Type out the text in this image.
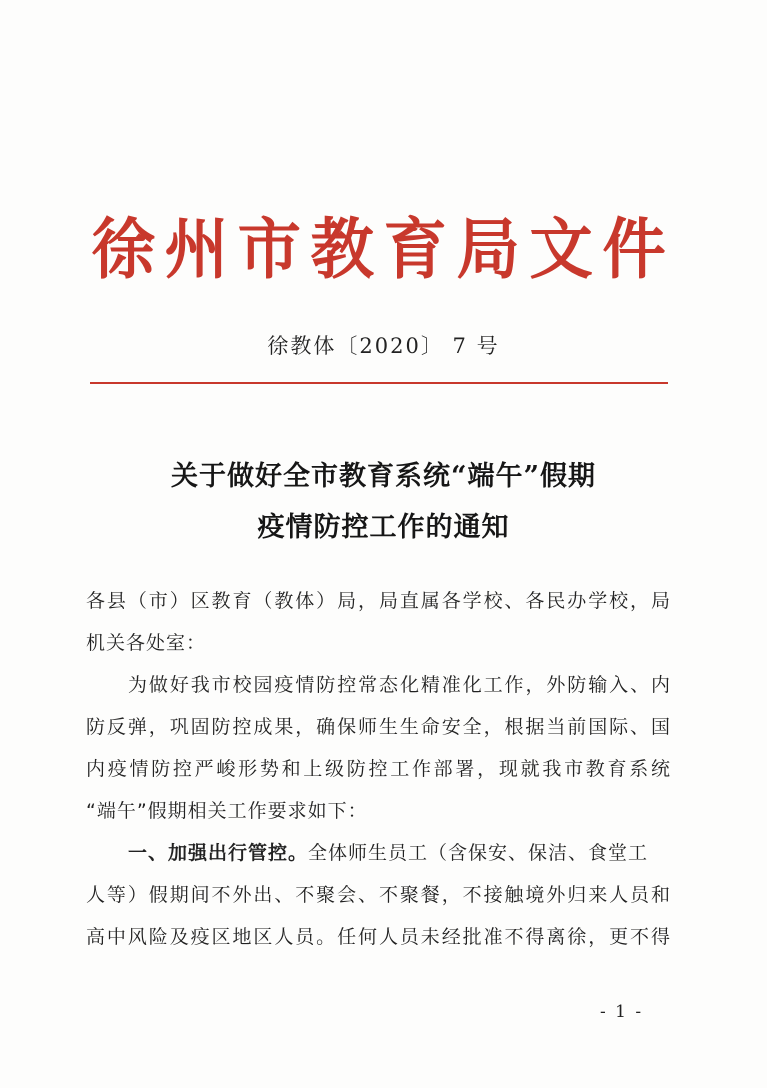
徐州市教育局文件
徐教体〔2020〕 7 号
关于做好全市教育系统“端午”假期
疫情防控工作的通知
各县（市）区教育（教体）局，局直属各学校、各民办学校，局
机关各处室：
为做好我市校园疫情防控常态化精准化工作，外防输入、内
防反弹，巩固防控成果，确保师生生命安全，根据当前国际、国
内疫情防控严峻形势和上级防控工作部署，现就我市教育系统
“端午”假期相关工作要求如下：
一、加强出行管控。全体师生员工（含保安、保洁、食堂工
人等）假期间不外出、不聚会、不聚餐，不接触境外归来人员和
高中风险及疫区地区人员。任何人员未经批准不得离徐，更不得
- 1 -
